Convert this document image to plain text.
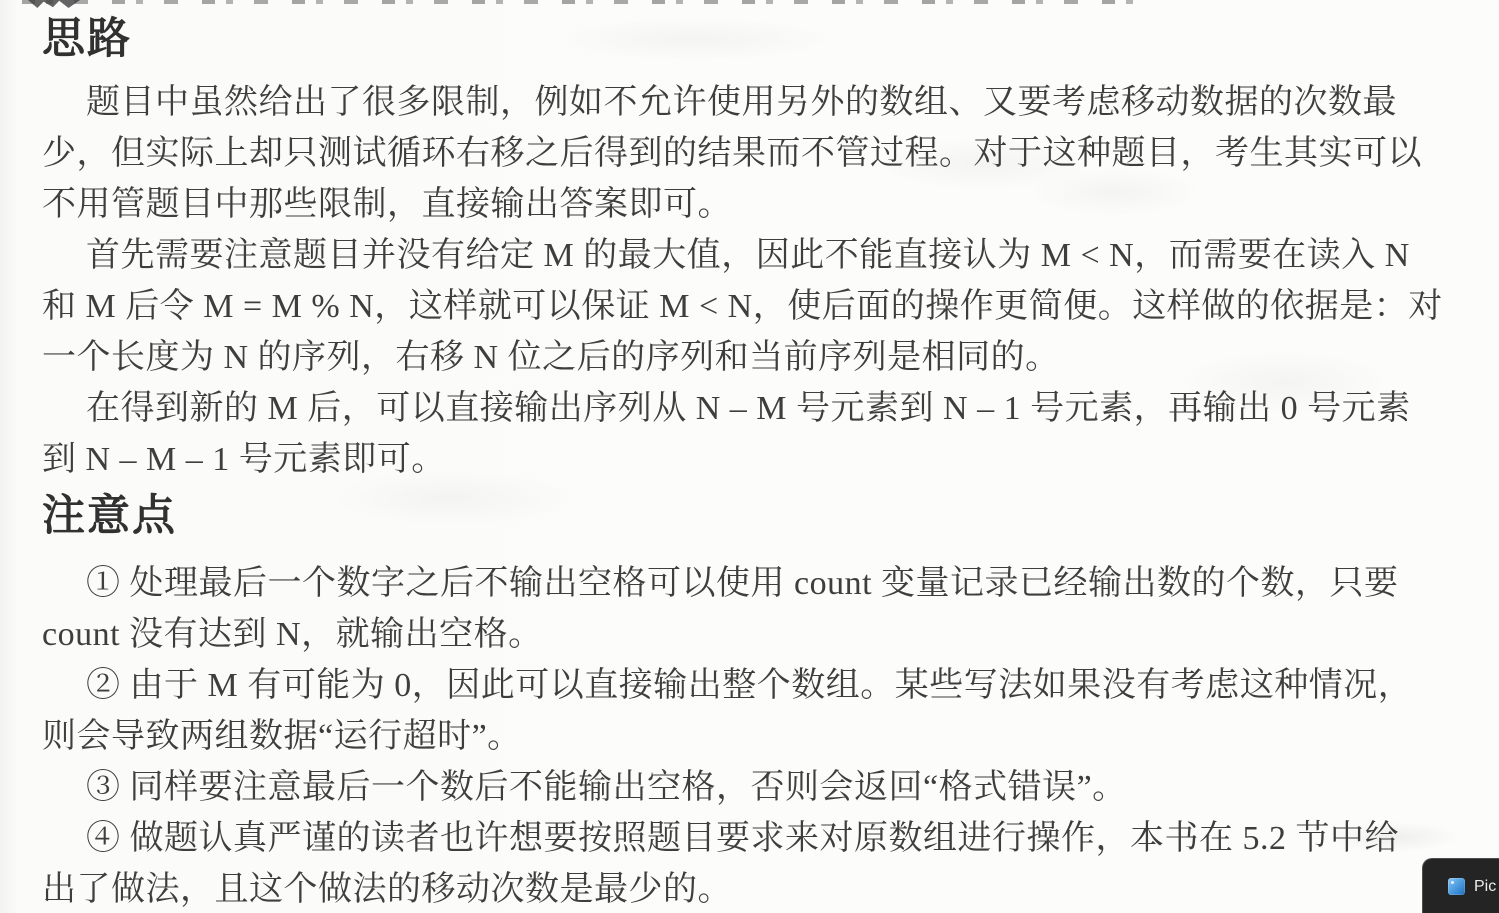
思路
题目中虽然给出了很多限制，例如不允许使用另外的数组、又要考虑移动数据的次数最
少，但实际上却只测试循环右移之后得到的结果而不管过程。对于这种题目，考生其实可以
不用管题目中那些限制，直接输出答案即可。
首先需要注意题目并没有给定 M 的最大值，因此不能直接认为 M < N，而需要在读入 N
和 M 后令 M = M % N，这样就可以保证 M < N，使后面的操作更简便。这样做的依据是：对
一个长度为 N 的序列，右移 N 位之后的序列和当前序列是相同的。
在得到新的 M 后，可以直接输出序列从 N – M 号元素到 N – 1 号元素，再输出 0 号元素
到 N – M – 1 号元素即可。
注意点
① 处理最后一个数字之后不输出空格可以使用 count 变量记录已经输出数的个数，只要
count 没有达到 N，就输出空格。
② 由于 M 有可能为 0，因此可以直接输出整个数组。某些写法如果没有考虑这种情况，
则会导致两组数据“运行超时”。
③ 同样要注意最后一个数后不能输出空格，否则会返回“格式错误”。
④ 做题认真严谨的读者也许想要按照题目要求来对原数组进行操作，本书在 5.2 节中给
出了做法，且这个做法的移动次数是最少的。	Pic
